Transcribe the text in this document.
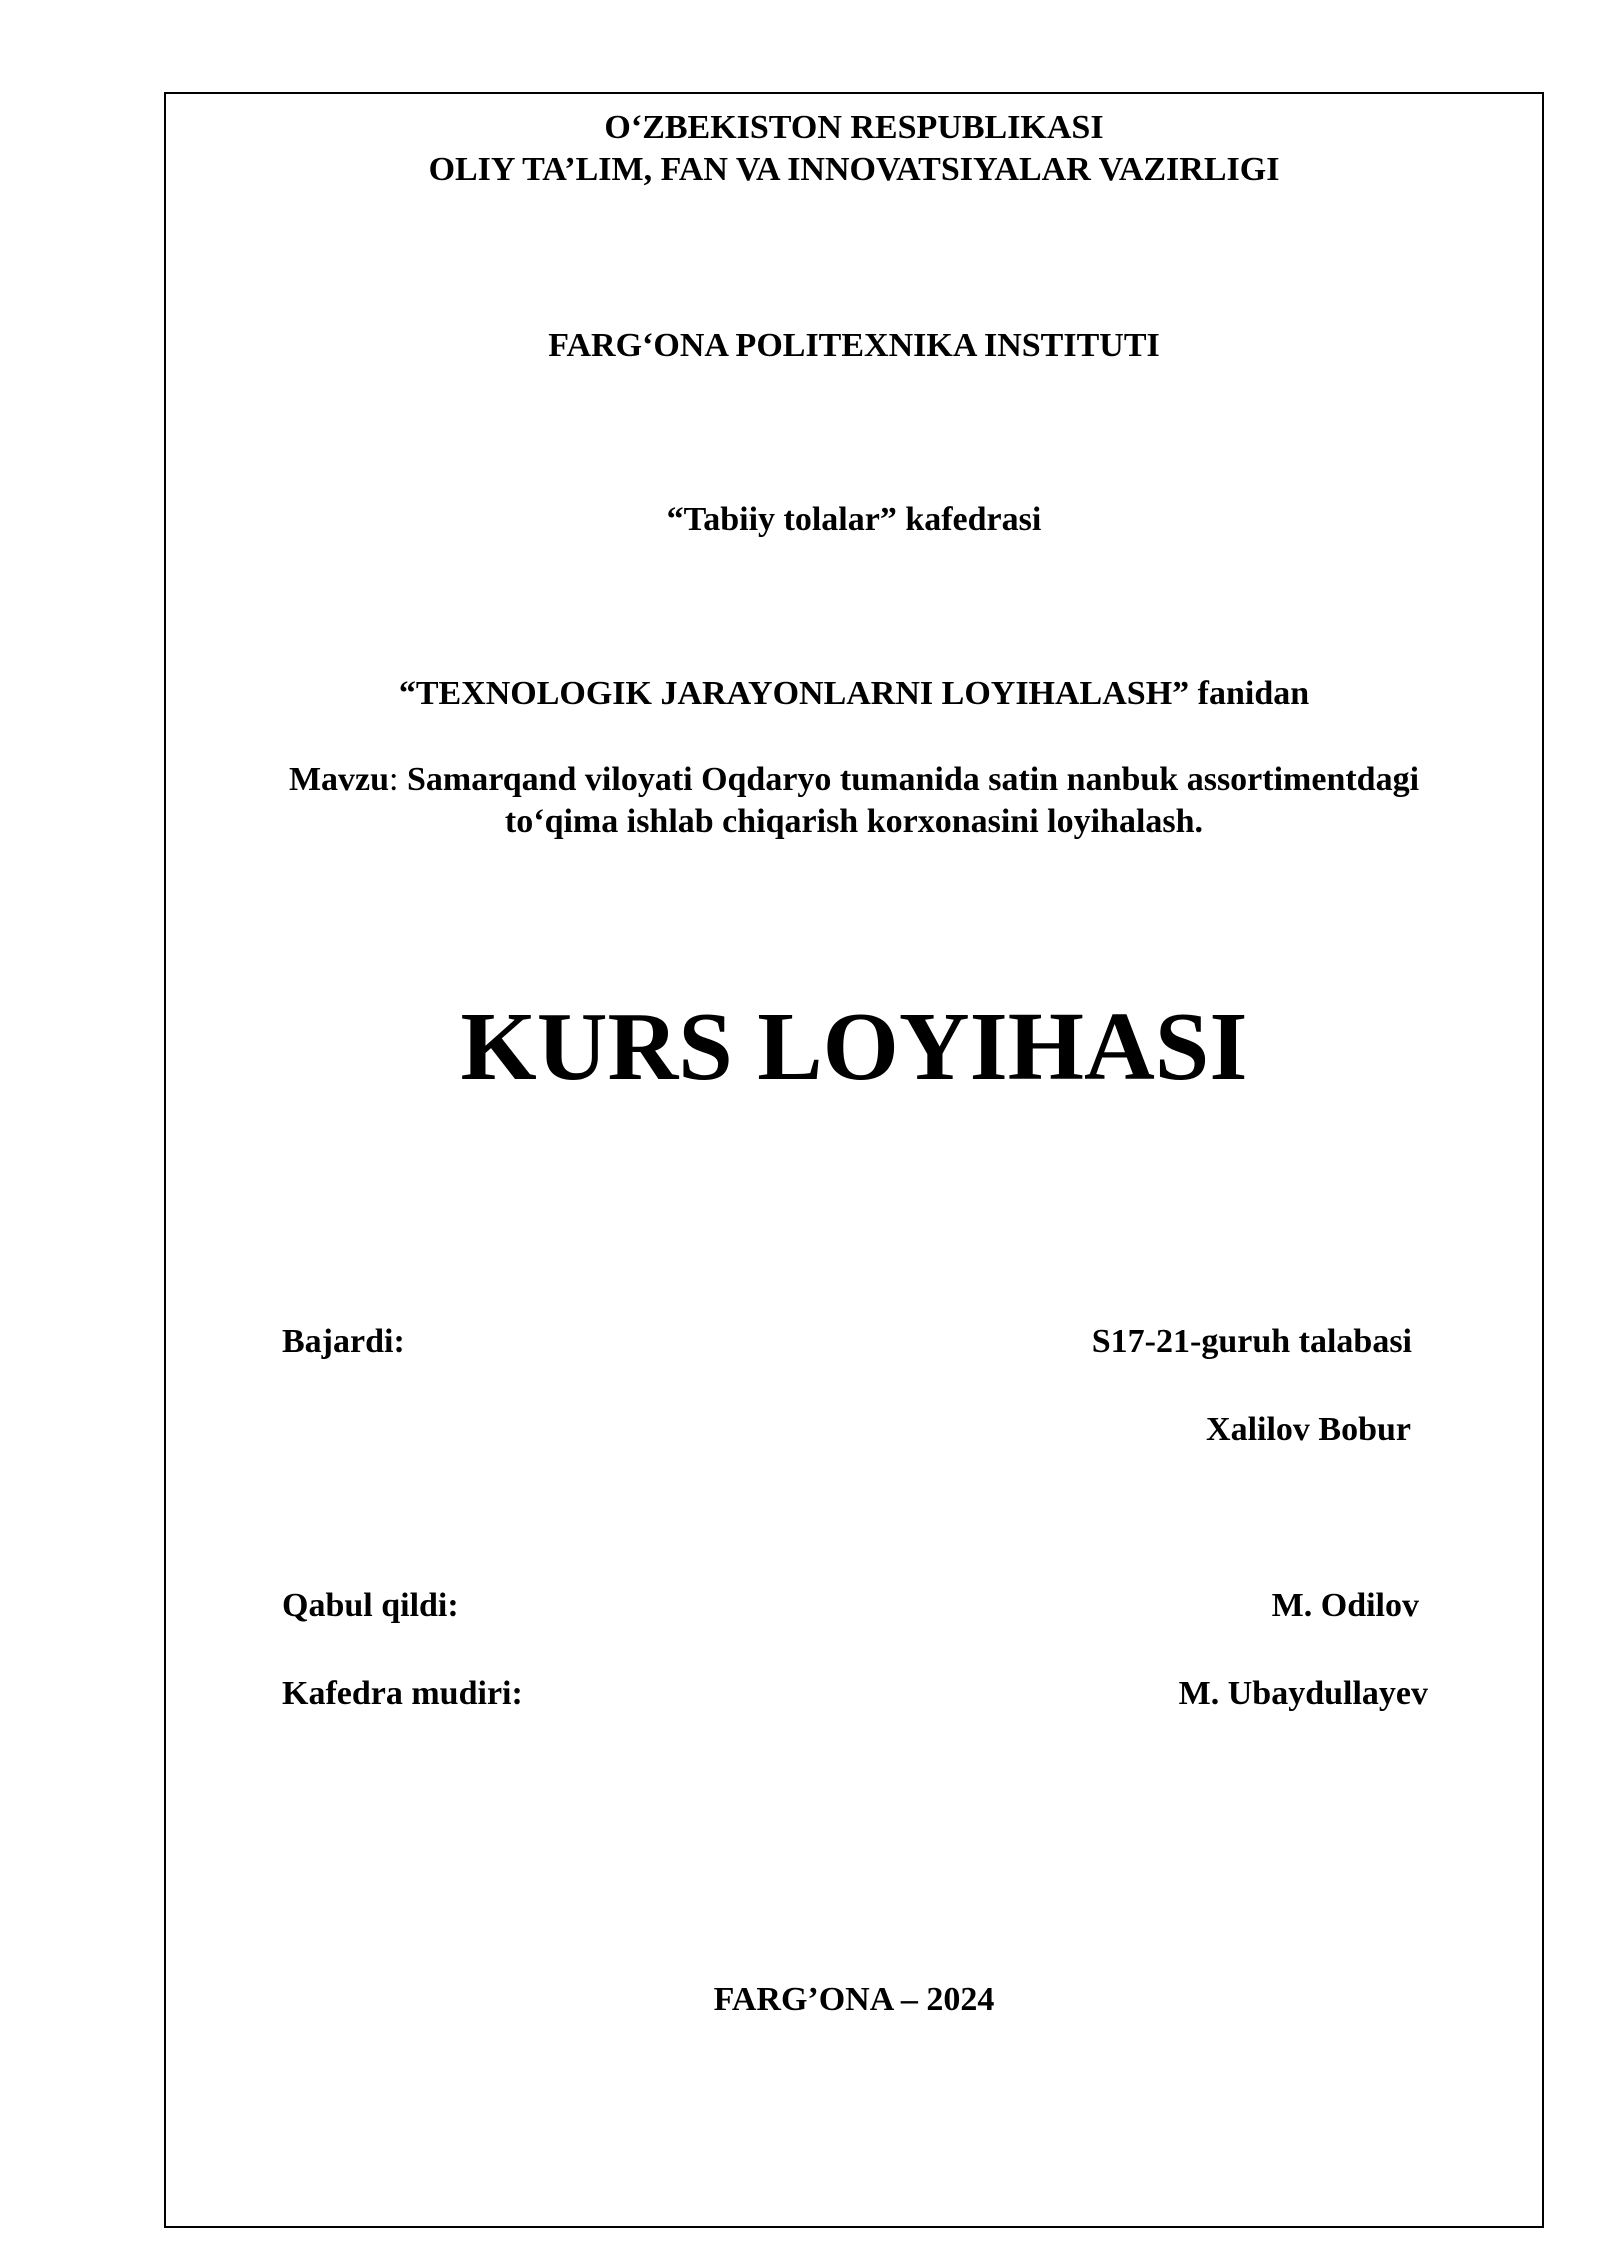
O‘ZBEKISTON RESPUBLIKASI
OLIY TA’LIM, FAN VA INNOVATSIYALAR VAZIRLIGI
FARG‘ONA POLITEXNIKA INSTITUTI
“Tabiiy tolalar” kafedrasi
“TEXNOLOGIK JARAYONLARNI LOYIHALASH” fanidan
Mavzu: Samarqand viloyati Oqdaryo tumanida satin nanbuk assortimentdagi
to‘qima ishlab chiqarish korxonasini loyihalash.
KURS LOYIHASI
Bajardi:	S17-21-guruh talabasi
Xalilov Bobur
Qabul qildi:	M. Odilov
Kafedra mudiri:	M. Ubaydullayev
FARG’ONA – 2024
